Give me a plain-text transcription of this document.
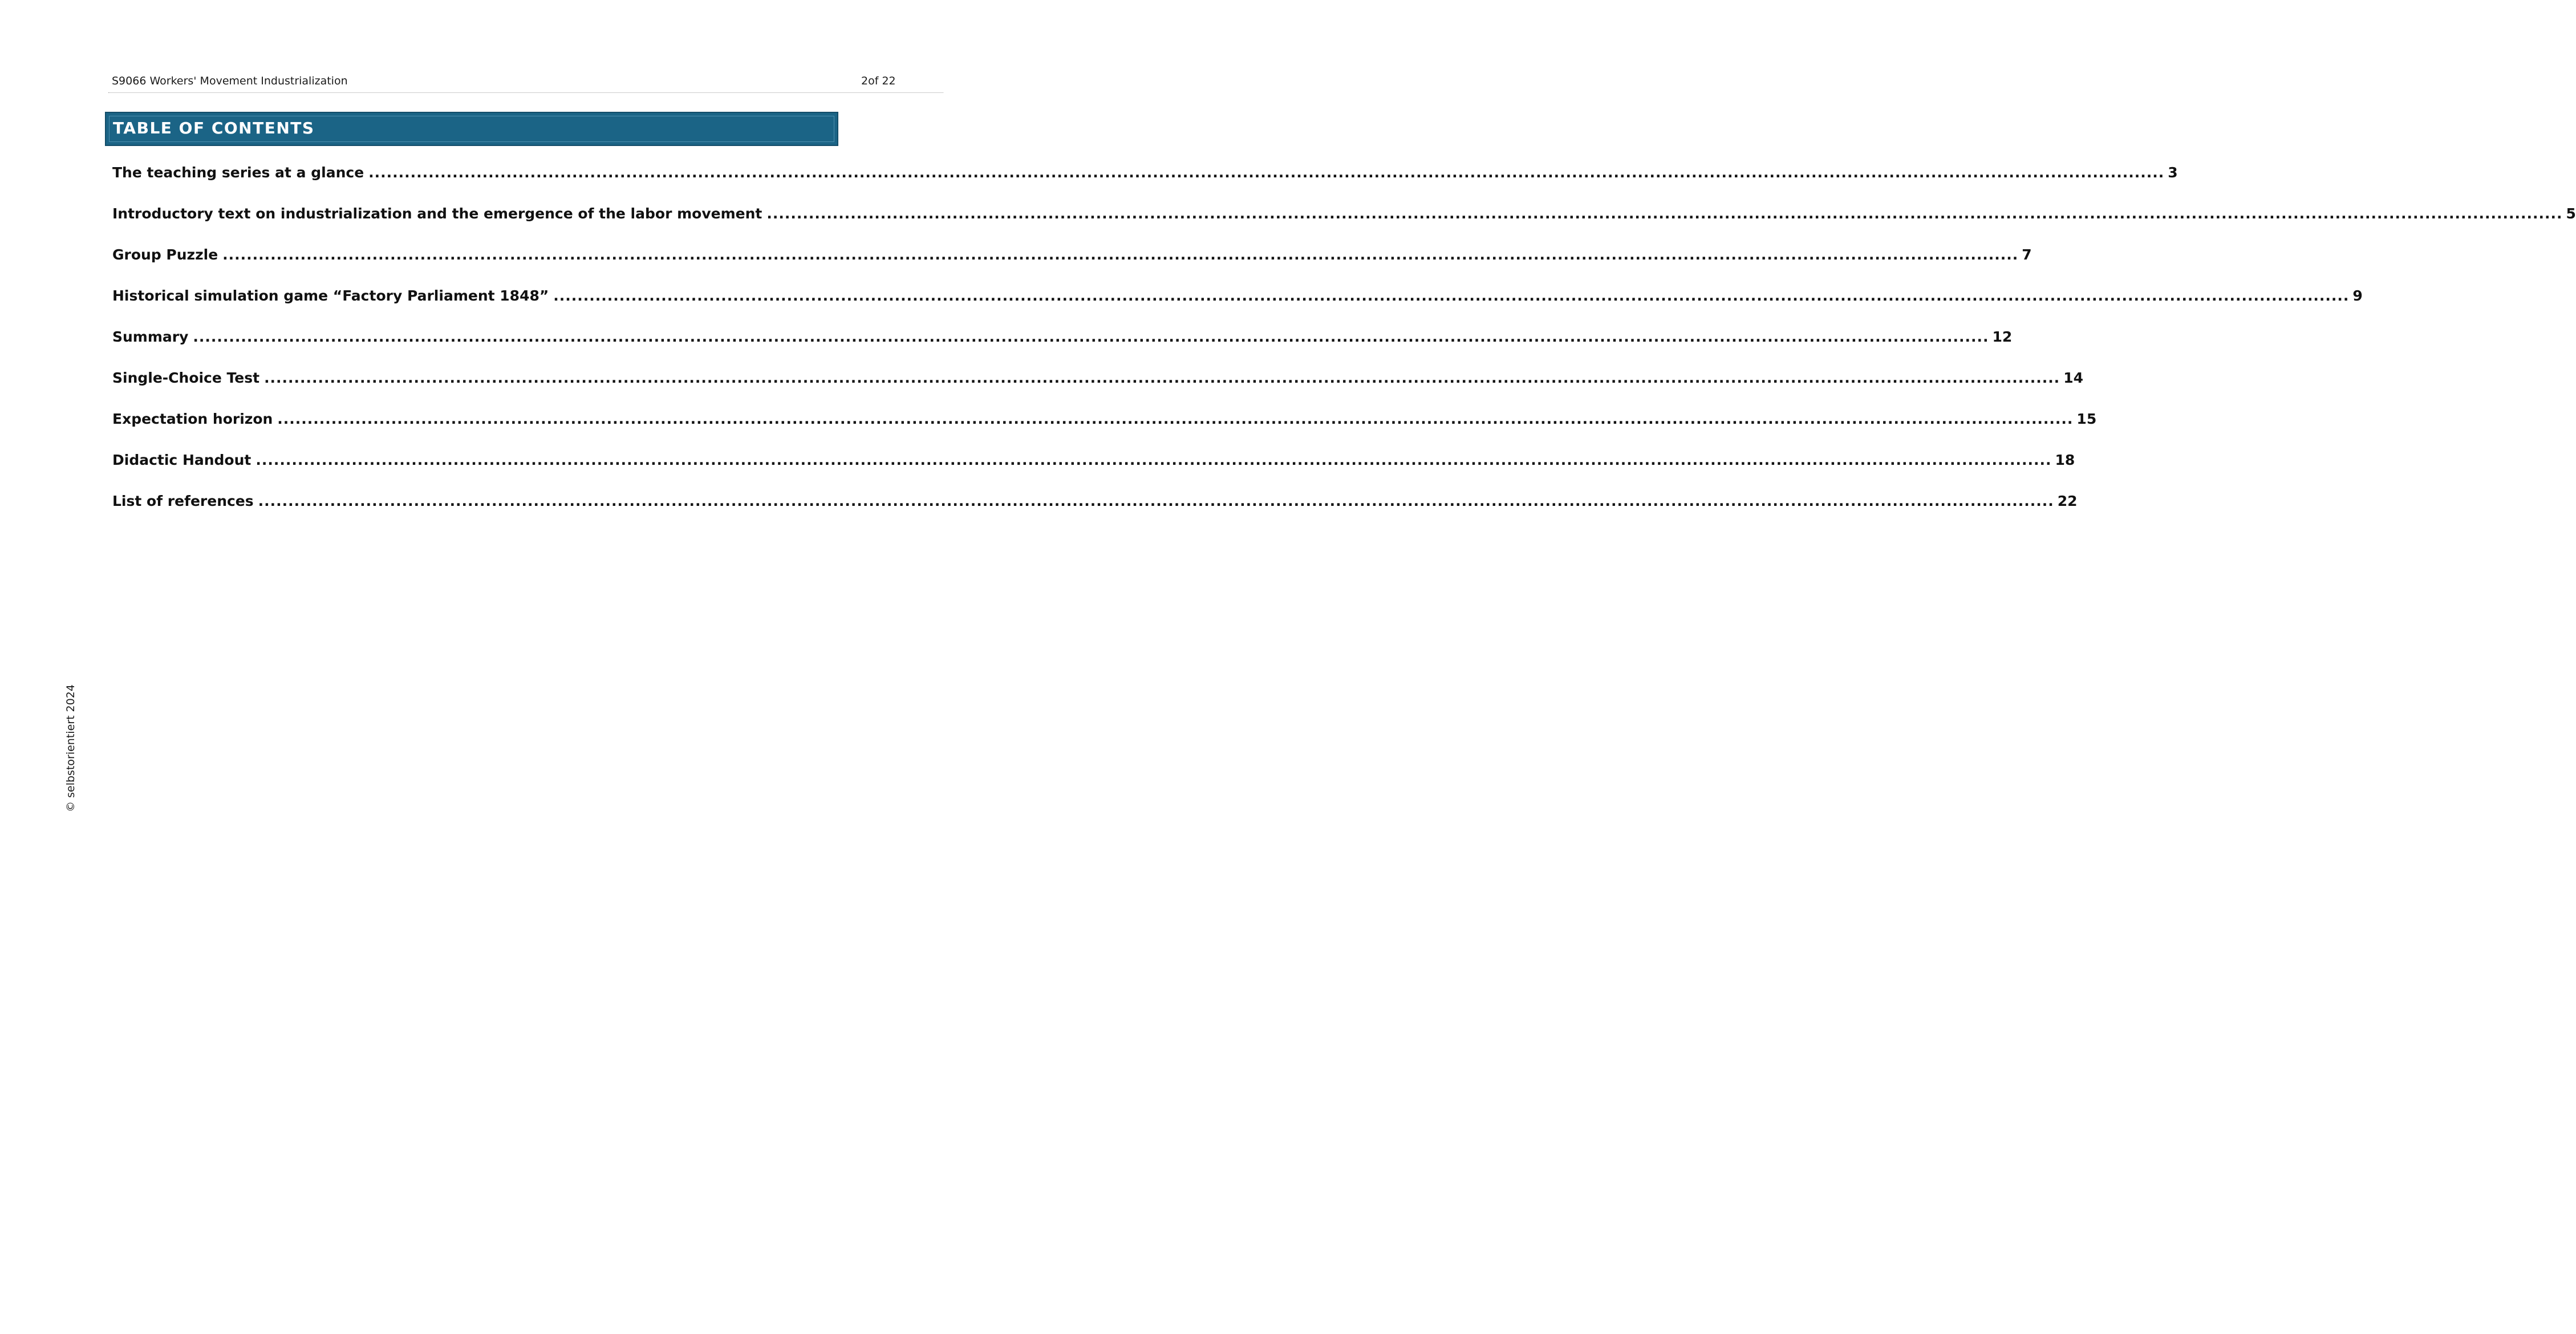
S9066 Workers' Movement Industrialization	2of 22
TABLE OF CONTENTS
The teaching series at a glance ............................................................................................................................................................................................................................................................................................................ 3
Introductory text on industrialization and the emergence of the labor movement ............................................................................................................................................................................................................................................................................................................ 5
Group Puzzle ............................................................................................................................................................................................................................................................................................................ 7
Historical simulation game “Factory Parliament 1848” ............................................................................................................................................................................................................................................................................................................ 9
Summary ............................................................................................................................................................................................................................................................................................................ 12
Single-Choice Test ............................................................................................................................................................................................................................................................................................................ 14
Expectation horizon ............................................................................................................................................................................................................................................................................................................ 15
Didactic Handout ............................................................................................................................................................................................................................................................................................................ 18
List of references ............................................................................................................................................................................................................................................................................................................ 22
© selbstorientiert 2024
